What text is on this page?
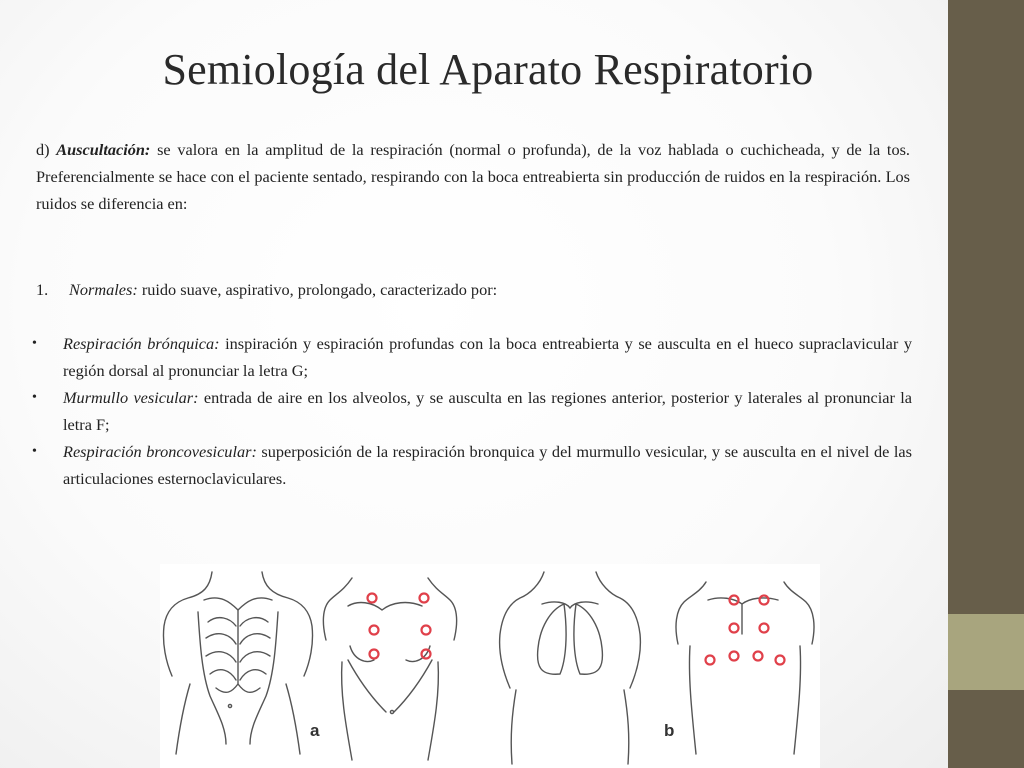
Semiología del Aparato Respiratorio
d) Auscultación: se valora en la amplitud de la respiración (normal o profunda), de la voz hablada o cuchicheada, y de la tos. Preferencialmente se hace con el paciente sentado, respirando con la boca entreabierta sin producción de ruidos en la respiración. Los ruidos se diferencia en:
1. Normales: ruido suave, aspirativo, prolongado, caracterizado por:
• Respiración brónquica: inspiración y espiración profundas con la boca entreabierta y se ausculta en el hueco supraclavicular y región dorsal al pronunciar la letra G;
• Murmullo vesicular: entrada de aire en los alveolos, y se ausculta en las regiones anterior, posterior y laterales al pronunciar la letra F;
• Respiración broncovesicular: superposición de la respiración bronquica y del murmullo vesicular, y se ausculta en el nivel de las articulaciones esternoclaviculares.
a	b
